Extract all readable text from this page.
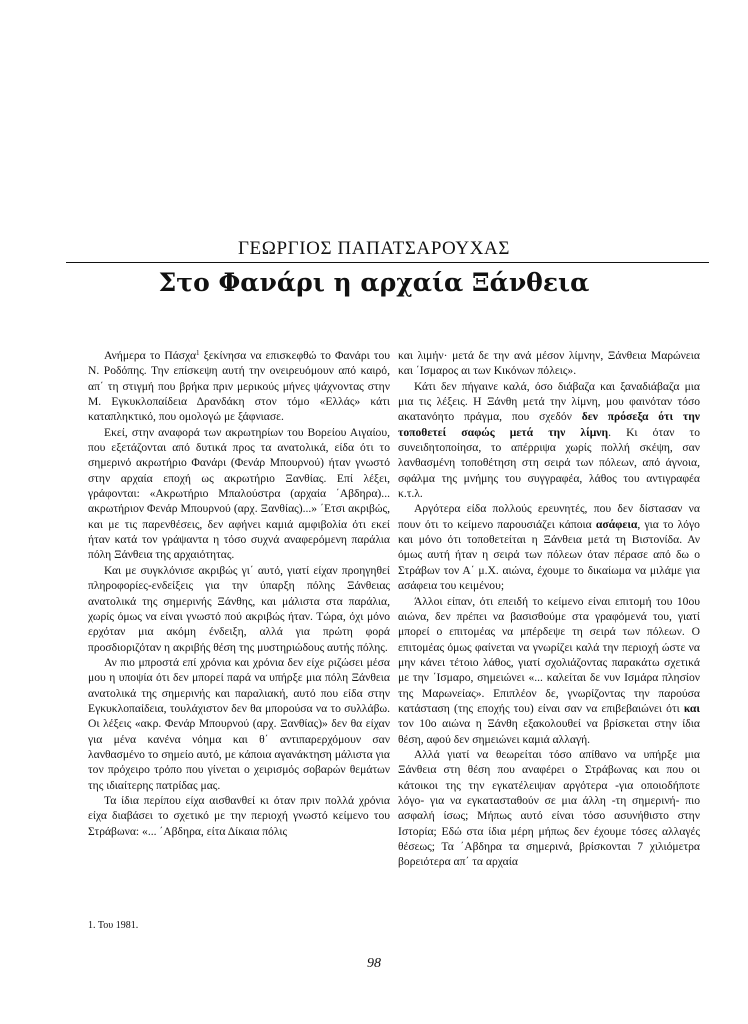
ΓΕΩΡΓΙΟΣ ΠΑΠΑΤΣΑΡΟΥΧΑΣ
Στο Φανάρι η αρχαία Ξάνθεια

Ανήμερα το Πάσχα$^1$ ξεκίνησα να επισκεφθώ το Φανάρι του Ν. Ροδόπης. Την επίσκεψη αυτή την ονειρευόμουν από καιρό, απ΄ τη στιγμή που βρήκα πριν μερικούς μήνες ψάχνοντας στην Μ. Εγκυκλοπαίδεια Δρανδάκη στον τόμο «Ελλάς» κάτι καταπληκτικό, που ομολογώ με ξάφνιασε.

Εκεί, στην αναφορά των ακρωτηρίων του Βορείου Αιγαίου, που εξετάζονται από δυτικά προς τα ανατολικά, είδα ότι το σημερινό ακρωτήριο Φανάρι (Φενάρ Μπουρνού) ήταν γνωστό στην αρχαία εποχή ως ακρωτήριο Ξανθίας. Επί λέξει, γράφονται: «Ακρωτήριο Μπαλούστρα (αρχαία ΄Αβδηρα)... ακρωτήριον Φενάρ Μπουρνού (αρχ. Ξανθίας)...» ΄Ετσι ακριβώς, και με τις παρενθέσεις, δεν αφήνει καμιά αμφιβολία ότι εκεί ήταν κατά τον γράψαντα η τόσο συχνά αναφερόμενη παράλια πόλη Ξάνθεια της αρχαιότητας.

Και με συγκλόνισε ακριβώς γι΄ αυτό, γιατί είχαν προηγηθεί πληροφορίες-ενδείξεις για την ύπαρξη πόλης Ξάνθειας ανατολικά της σημερινής Ξάνθης, και μάλιστα στα παράλια, χωρίς όμως να είναι γνωστό πού ακριβώς ήταν. Τώρα, όχι μόνο ερχόταν μια ακόμη ένδειξη, αλλά για πρώτη φορά προσδιοριζόταν η ακριβής θέση της μυστηριώδους αυτής πόλης.

Αν πιο μπροστά επί χρόνια και χρόνια δεν είχε ριζώσει μέσα μου η υποψία ότι δεν μπορεί παρά να υπήρξε μια πόλη Ξάνθεια ανατολικά της σημερινής και παραλιακή, αυτό που είδα στην Εγκυκλοπαίδεια, τουλάχιστον δεν θα μπορούσα να το συλλάβω. Οι λέξεις «ακρ. Φενάρ Μπουρνού (αρχ. Ξανθίας)» δεν θα είχαν για μένα κανένα νόημα και θ΄ αντιπαρερχόμουν σαν λανθασμένο το σημείο αυτό, με κάποια αγανάκτηση μάλιστα για τον πρόχειρο τρόπο που γίνεται ο χειρισμός σοβαρών θεμάτων της ιδιαίτερης πατρίδας μας.

Τα ίδια περίπου είχα αισθανθεί κι όταν πριν πολλά χρόνια είχα διαβάσει το σχετικό με την περιοχή γνωστό κείμενο του Στράβωνα: «... ΄Αβδηρα, είτα Δίκαια πόλις

και λιμήν· μετά δε την ανά μέσον λίμνην, Ξάνθεια Μαρώνεια και ΄Ισμαρος αι των Κικόνων πόλεις».

Κάτι δεν πήγαινε καλά, όσο διάβαζα και ξαναδιάβαζα μια μια τις λέξεις. Η Ξάνθη μετά την λίμνη, μου φαινόταν τόσο ακατανόητο πράγμα, που σχεδόν δεν πρόσεξα ότι την τοποθετεί σαφώς μετά την λίμνη. Κι όταν το συνειδητοποίησα, το απέρριψα χωρίς πολλή σκέψη, σαν λανθασμένη τοποθέτηση στη σειρά των πόλεων, από άγνοια, σφάλμα της μνήμης του συγγραφέα, λάθος του αντιγραφέα κ.τ.λ.

Αργότερα είδα πολλούς ερευνητές, που δεν δίστασαν να πουν ότι το κείμενο παρουσιάζει κάποια ασάφεια, για το λόγο και μόνο ότι τοποθετείται η Ξάνθεια μετά τη Βιστονίδα. Αν όμως αυτή ήταν η σειρά των πόλεων όταν πέρασε από δω ο Στράβων τον Α΄ μ.Χ. αιώνα, έχουμε το δικαίωμα να μιλάμε για ασάφεια του κειμένου;

Άλλοι είπαν, ότι επειδή το κείμενο είναι επιτομή του 10ου αιώνα, δεν πρέπει να βασισθούμε στα γραφόμενά του, γιατί μπορεί ο επιτομέας να μπέρδεψε τη σειρά των πόλεων. Ο επιτομέας όμως φαίνεται να γνωρίζει καλά την περιοχή ώστε να μην κάνει τέτοιο λάθος, γιατί σχολιάζοντας παρακάτω σχετικά με την ΄Ισμαρο, σημειώνει «... καλείται δε νυν Ισμάρα πλησίον της Μαρωνείας». Επιπλέον δε, γνωρίζοντας την παρούσα κατάσταση (της εποχής του) είναι σαν να επιβεβαιώνει ότι και τον 10ο αιώνα η Ξάνθη εξακολουθεί να βρίσκεται στην ίδια θέση, αφού δεν σημειώνει καμιά αλλαγή.

Αλλά γιατί να θεωρείται τόσο απίθανο να υπήρξε μια Ξάνθεια στη θέση που αναφέρει ο Στράβωνας και που οι κάτοικοι της την εγκατέλειψαν αργότερα -για οποιοδήποτε λόγο- για να εγκατασταθούν σε μια άλλη -τη σημερινή- πιο ασφαλή ίσως; Μήπως αυτό είναι τόσο ασυνήθιστο στην Ιστορία; Εδώ στα ίδια μέρη μήπως δεν έχουμε τόσες αλλαγές θέσεως; Τα ΄Αβδηρα τα σημερινά, βρίσκονται 7 χιλιόμετρα βορειότερα απ΄ τα αρχαία

1. Του 1981.
98
